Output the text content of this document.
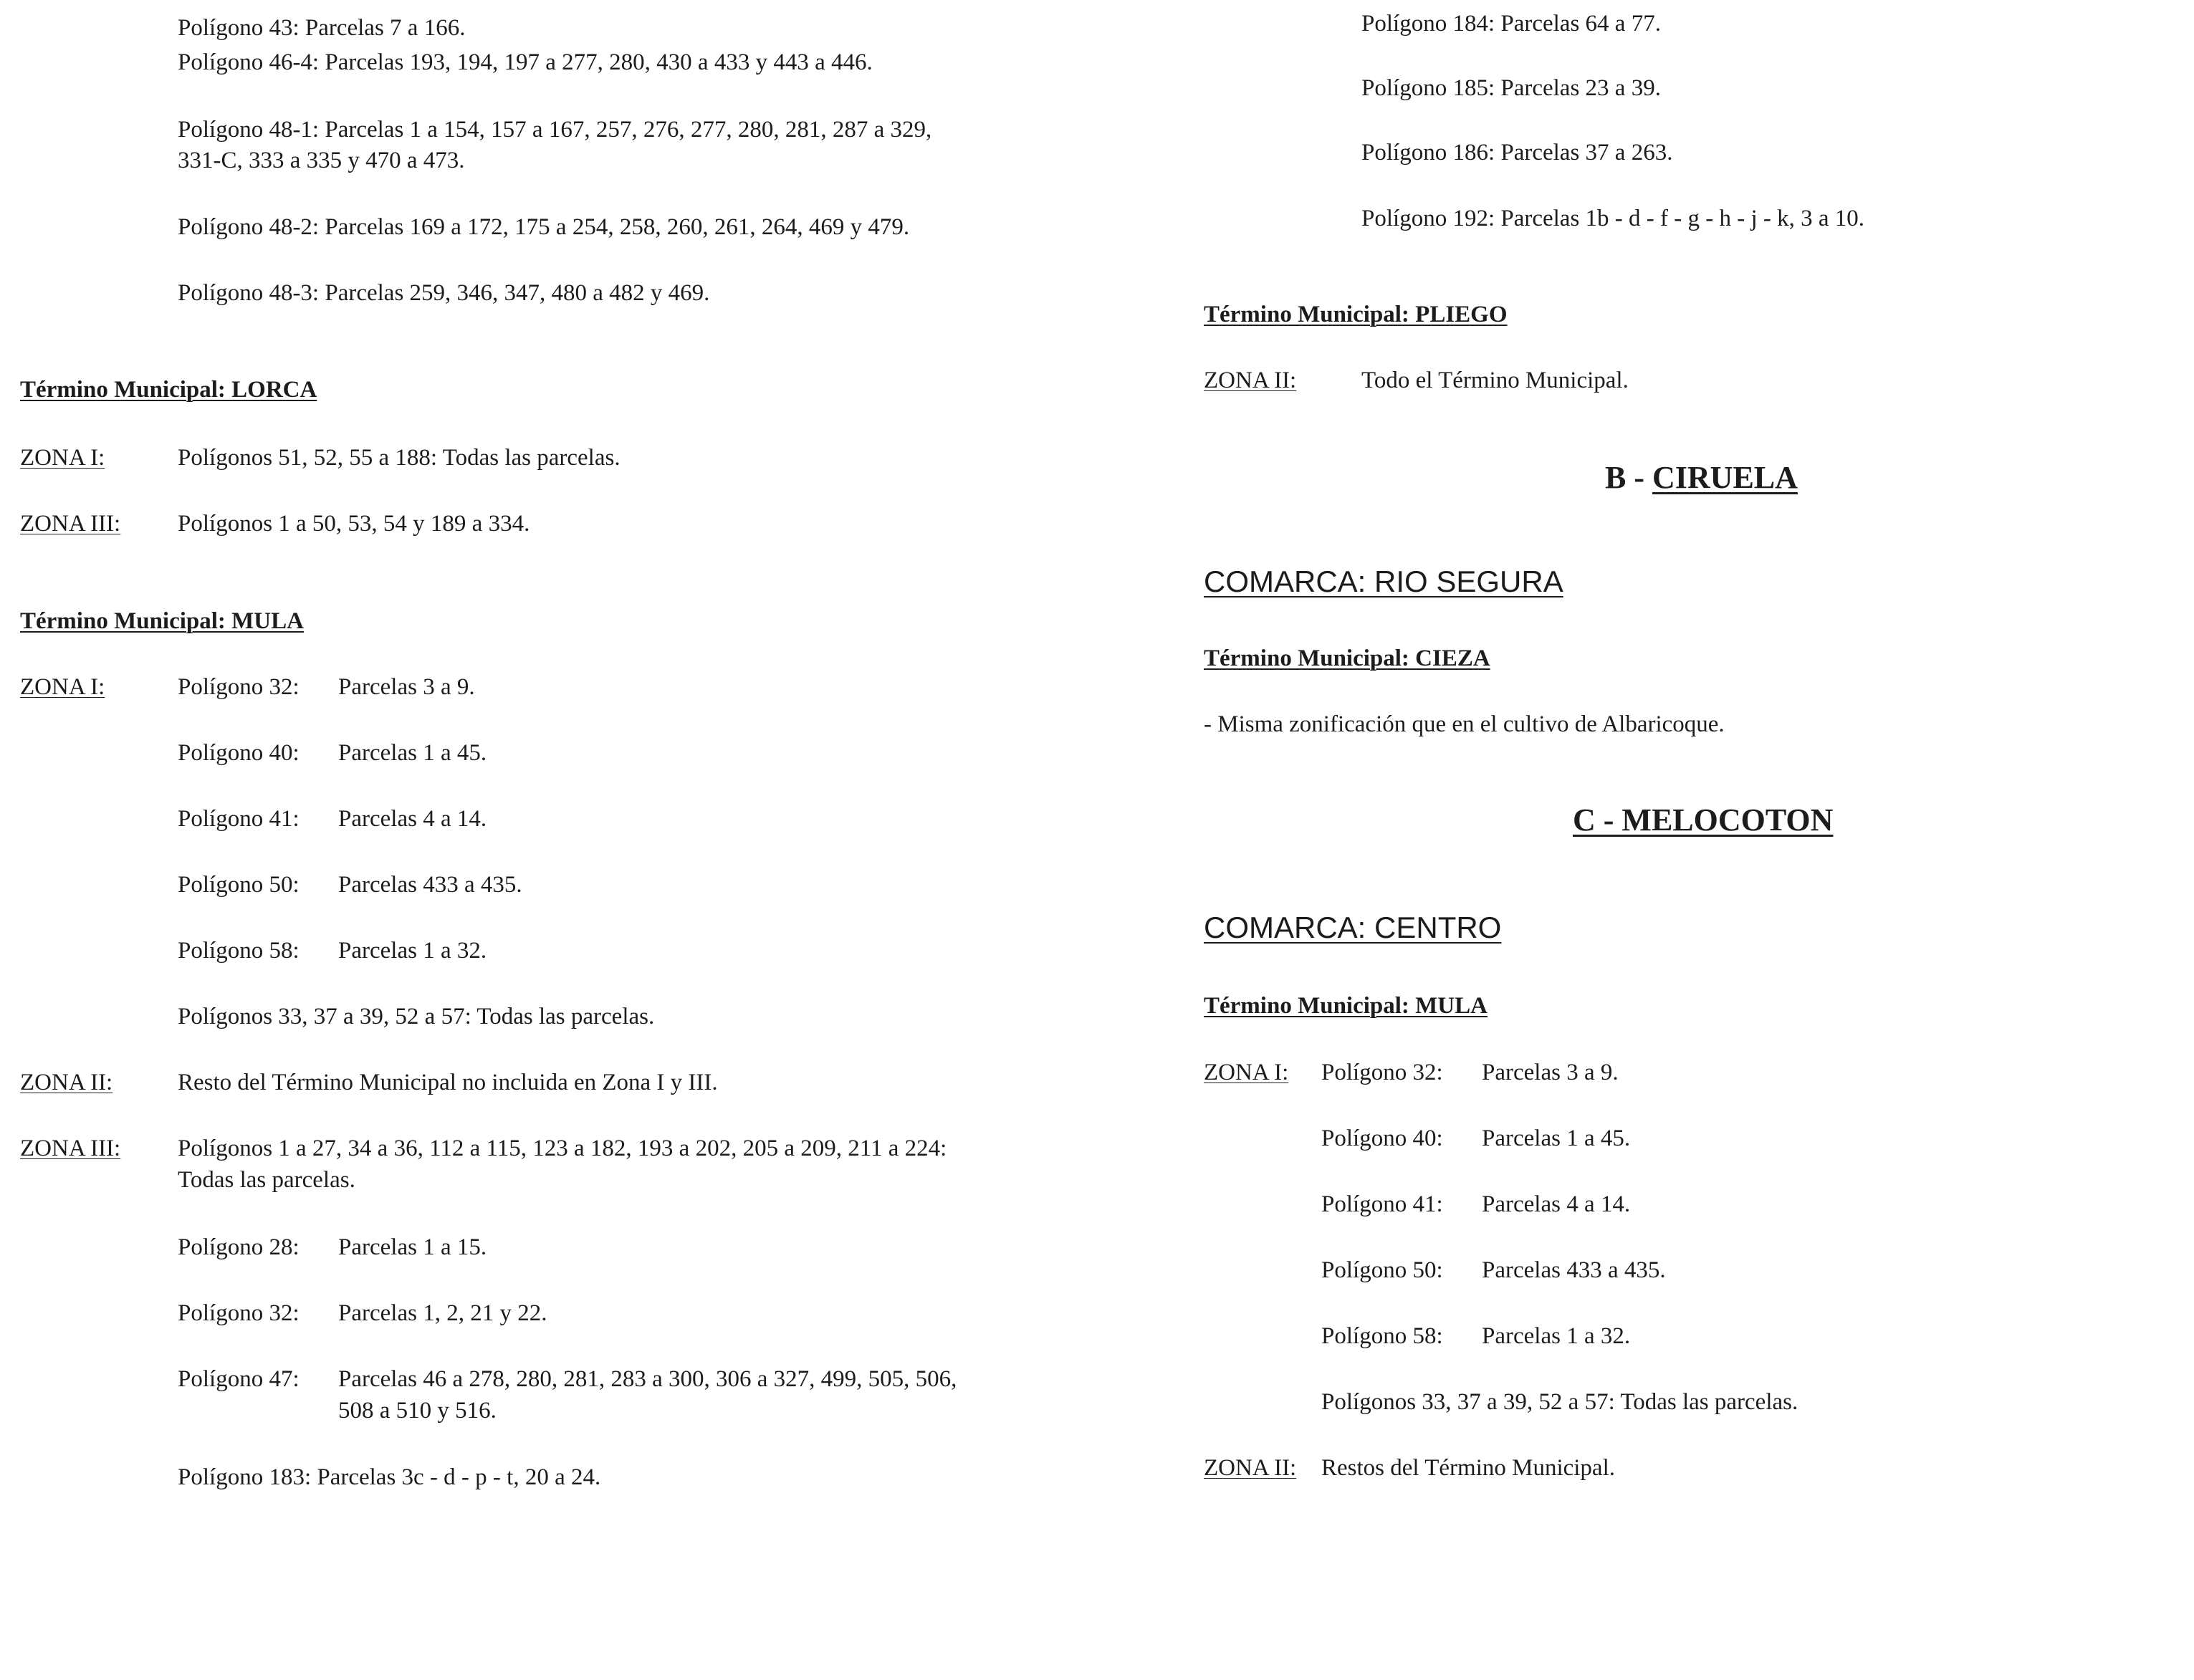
Polígono 43: Parcelas 7 a 166.
Polígono 46-4: Parcelas 193, 194, 197 a 277, 280, 430 a 433 y 443 a 446.
Polígono 48-1: Parcelas 1 a 154, 157 a 167, 257, 276, 277, 280, 281, 287 a 329,
331-C, 333 a 335 y 470 a 473.
Polígono 48-2: Parcelas 169 a 172, 175 a 254, 258, 260, 261, 264, 469 y 479.
Polígono 48-3: Parcelas 259, 346, 347, 480 a 482 y 469.
Término Municipal: LORCA
ZONA I:	Polígonos 51, 52, 55 a 188: Todas las parcelas.
ZONA III: Polígonos 1 a 50, 53, 54 y 189 a 334.
Término Municipal: MULA
ZONA I:	Polígono 32: Parcelas 3 a 9.
Polígono 40: Parcelas 1 a 45.
Polígono 41: Parcelas 4 a 14.
Polígono 50: Parcelas 433 a 435.
Polígono 58: Parcelas 1 a 32.
Polígonos 33, 37 a 39, 52 a 57: Todas las parcelas.
ZONA II:	Resto del Término Municipal no incluida en Zona I y III.
ZONA III: Polígonos 1 a 27, 34 a 36, 112 a 115, 123 a 182, 193 a 202, 205 a 209, 211 a 224:
Todas las parcelas.
Polígono 28: Parcelas 1 a 15.
Polígono 32: Parcelas 1, 2, 21 y 22.
Polígono 47: Parcelas 46 a 278, 280, 281, 283 a 300, 306 a 327, 499, 505, 506,
508 a 510 y 516.
Polígono 183: Parcelas 3c - d - p - t, 20 a 24.
Polígono 184: Parcelas 64 a 77.
Polígono 185: Parcelas 23 a 39.
Polígono 186: Parcelas 37 a 263.
Polígono 192: Parcelas 1b - d - f - g - h - j - k, 3 a 10.
Término Municipal: PLIEGO
ZONA II:	Todo el Término Municipal.
B - CIRUELA
COMARCA: RIO SEGURA
Término Municipal: CIEZA
- Misma zonificación que en el cultivo de Albaricoque.
C - MELOCOTON
COMARCA: CENTRO
Término Municipal: MULA
ZONA I: Polígono 32: Parcelas 3 a 9.
Polígono 40: Parcelas 1 a 45.
Polígono 41: Parcelas 4 a 14.
Polígono 50: Parcelas 433 a 435.
Polígono 58: Parcelas 1 a 32.
Polígonos 33, 37 a 39, 52 a 57: Todas las parcelas.
ZONA II: Restos del Término Municipal.
